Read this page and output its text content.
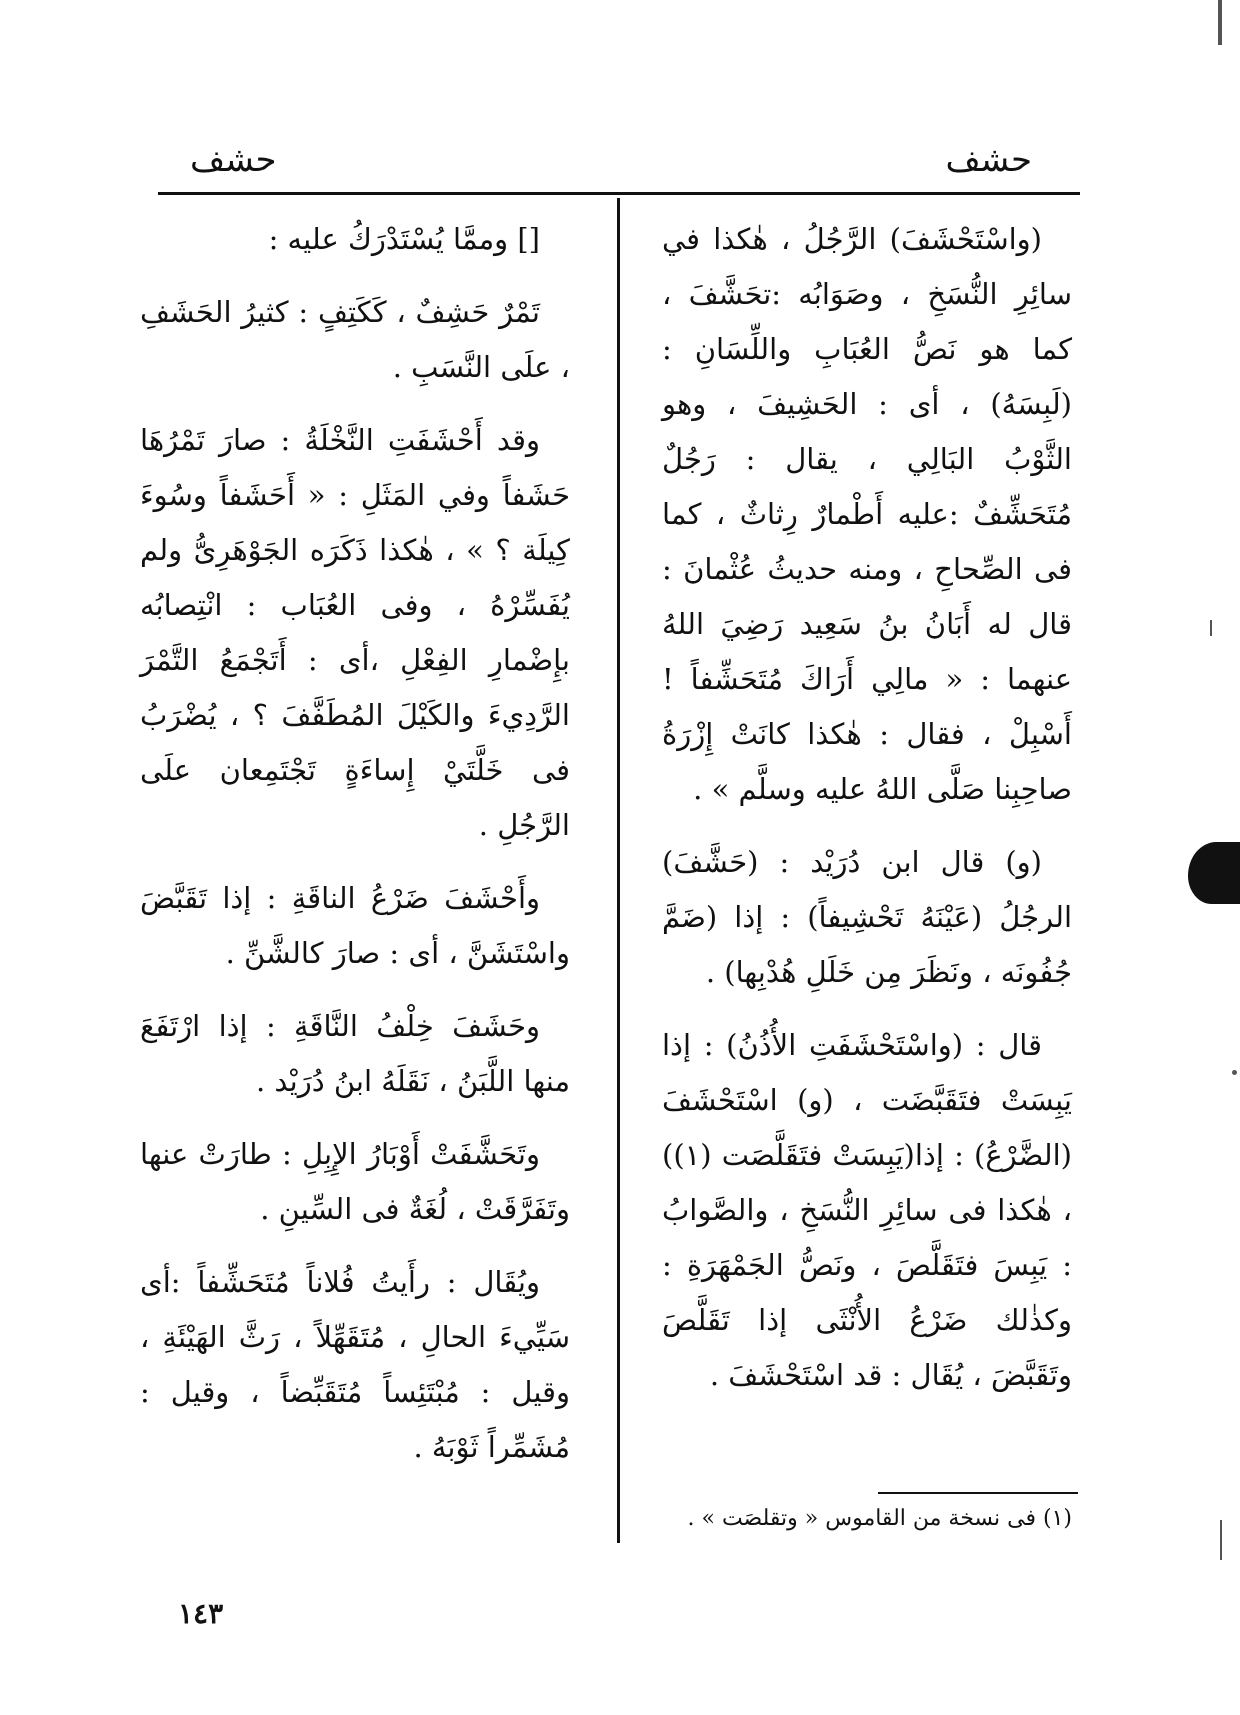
حشف
حشف

(واسْتَحْشَفَ) الرَّجُلُ ، هٰكذا في سائِرِ النُّسَخِ ، وصَوَابُه :تحَشَّفَ ، كما هو نَصُّ العُبَابِ واللِّسَانِ : (لَبِسَهُ) ، أى : الحَشِيفَ ، وهو الثَّوْبُ البَالِي ، يقال : رَجُلٌ مُتَحَشِّفٌ :عليه أَطْمارٌ رِثاثٌ ، كما فى الصِّحاحِ ، ومنه حديثُ عُثْمانَ : قال له أَبَانُ بنُ سَعِيد رَضِيَ اللهُ عنهما : « مالِي أَرَاكَ مُتَحَشِّفاً ! أَسْبِلْ ، فقال : هٰكذا كانَتْ إِزْرَةُ صاحِبِنا صَلَّى اللهُ عليه وسلَّم » .

(و) قال ابن دُرَيْد : (حَشَّفَ) الرجُلُ (عَيْنَهُ تَحْشِيفاً) : إذا (ضَمَّ جُفُونَه ، ونَظَرَ مِن خَلَلِ هُدْبِها) .

قال : (واسْتَحْشَفَتِ الأُذُنُ) : إذا يَبِسَتْ فتَقَبَّضَت ، (و) اسْتَحْشَفَ (الضَّرْعُ) : إذا(يَبِسَتْ فتَقَلَّصَت (١)) ، هٰكذا فى سائِرِ النُّسَخِ ، والصَّوابُ : يَبِسَ فتَقَلَّصَ ، ونَصُّ الجَمْهَرَةِ : وكذٰلك ضَرْعُ الأُنْثَى إذا تَقَلَّصَ وتَقَبَّضَ ، يُقَال : قد اسْتَحْشَفَ .

[] وممَّا يُسْتَدْرَكُ عليه :

تَمْرٌ حَشِفٌ ، كَكَتِفٍ : كثيرُ الحَشَفِ ، علَى النَّسَبِ .

وقد أَحْشَفَتِ النَّخْلَةُ : صارَ تَمْرُهَا حَشَفاً وفي المَثَلِ : « أَحَشَفاً وسُوءَ كِيلَة ؟ » ، هٰكذا ذَكَرَه الجَوْهَرِىُّ ولم يُفَسِّرْهُ ، وفى العُبَاب : انْتِصابُه بإِضْمارِ الفِعْلِ ،أى : أَتَجْمَعُ التَّمْرَ الرَّدِيءَ والكَيْلَ المُطَفَّفَ ؟ ، يُضْرَبُ فى خَلَّتَيْ إِساءَةٍ تَجْتَمِعان علَى الرَّجُلِ .

وأَحْشَفَ ضَرْعُ الناقَةِ : إذا تَقَبَّضَ واسْتَشَنَّ ، أى : صارَ كالشَّنِّ .

وحَشَفَ خِلْفُ النَّاقَةِ : إذا ارْتَفَعَ منها اللَّبَنُ ، نَقَلَهُ ابنُ دُرَيْد .

وتَحَشَّفَتْ أَوْبَارُ الإِبِلِ : طارَتْ عنها وتَفَرَّقَتْ ، لُغَةٌ فى السِّينِ .

ويُقَال : رأَيتُ فُلاناً مُتَحَشِّفاً :أى سَيِّيءَ الحالِ ، مُتَقَهِّلاً ، رَثَّ الهَيْئَةِ ، وقيل : مُبْتَئِساً مُتَقَبِّضاً ، وقيل : مُشَمِّراً ثَوْبَهُ .

(١) فى نسخة من القاموس « وتقلصَت » .
١٤٣
